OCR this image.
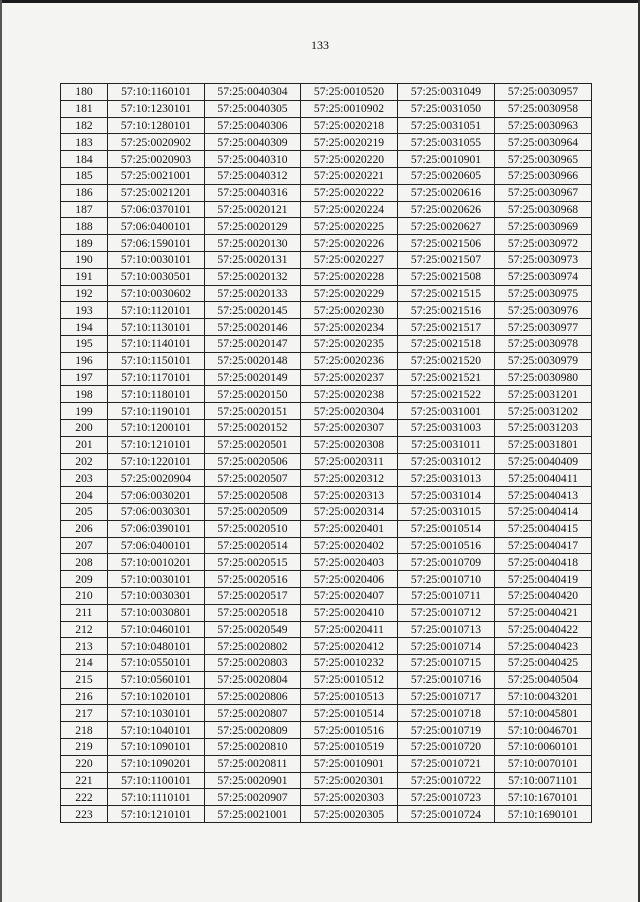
133
180	57:10:1160101	57:25:0040304	57:25:0010520	57:25:0031049	57:25:0030957
181	57:10:1230101	57:25:0040305	57:25:0010902	57:25:0031050	57:25:0030958
182	57:10:1280101	57:25:0040306	57:25:0020218	57:25:0031051	57:25:0030963
183	57:25:0020902	57:25:0040309	57:25:0020219	57:25:0031055	57:25:0030964
184	57:25:0020903	57:25:0040310	57:25:0020220	57:25:0010901	57:25:0030965
185	57:25:0021001	57:25:0040312	57:25:0020221	57:25:0020605	57:25:0030966
186	57:25:0021201	57:25:0040316	57:25:0020222	57:25:0020616	57:25:0030967
187	57:06:0370101	57:25:0020121	57:25:0020224	57:25:0020626	57:25:0030968
188	57:06:0400101	57:25:0020129	57:25:0020225	57:25:0020627	57:25:0030969
189	57:06:1590101	57:25:0020130	57:25:0020226	57:25:0021506	57:25:0030972
190	57:10:0030101	57:25:0020131	57:25:0020227	57:25:0021507	57:25:0030973
191	57:10:0030501	57:25:0020132	57:25:0020228	57:25:0021508	57:25:0030974
192	57:10:0030602	57:25:0020133	57:25:0020229	57:25:0021515	57:25:0030975
193	57:10:1120101	57:25:0020145	57:25:0020230	57:25:0021516	57:25:0030976
194	57:10:1130101	57:25:0020146	57:25:0020234	57:25:0021517	57:25:0030977
195	57:10:1140101	57:25:0020147	57:25:0020235	57:25:0021518	57:25:0030978
196	57:10:1150101	57:25:0020148	57:25:0020236	57:25:0021520	57:25:0030979
197	57:10:1170101	57:25:0020149	57:25:0020237	57:25:0021521	57:25:0030980
198	57:10:1180101	57:25:0020150	57:25:0020238	57:25:0021522	57:25:0031201
199	57:10:1190101	57:25:0020151	57:25:0020304	57:25:0031001	57:25:0031202
200	57:10:1200101	57:25:0020152	57:25:0020307	57:25:0031003	57:25:0031203
201	57:10:1210101	57:25:0020501	57:25:0020308	57:25:0031011	57:25:0031801
202	57:10:1220101	57:25:0020506	57:25:0020311	57:25:0031012	57:25:0040409
203	57:25:0020904	57:25:0020507	57:25:0020312	57:25:0031013	57:25:0040411
204	57:06:0030201	57:25:0020508	57:25:0020313	57:25:0031014	57:25:0040413
205	57:06:0030301	57:25:0020509	57:25:0020314	57:25:0031015	57:25:0040414
206	57:06:0390101	57:25:0020510	57:25:0020401	57:25:0010514	57:25:0040415
207	57:06:0400101	57:25:0020514	57:25:0020402	57:25:0010516	57:25:0040417
208	57:10:0010201	57:25:0020515	57:25:0020403	57:25:0010709	57:25:0040418
209	57:10:0030101	57:25:0020516	57:25:0020406	57:25:0010710	57:25:0040419
210	57:10:0030301	57:25:0020517	57:25:0020407	57:25:0010711	57:25:0040420
211	57:10:0030801	57:25:0020518	57:25:0020410	57:25:0010712	57:25:0040421
212	57:10:0460101	57:25:0020549	57:25:0020411	57:25:0010713	57:25:0040422
213	57:10:0480101	57:25:0020802	57:25:0020412	57:25:0010714	57:25:0040423
214	57:10:0550101	57:25:0020803	57:25:0010232	57:25:0010715	57:25:0040425
215	57:10:0560101	57:25:0020804	57:25:0010512	57:25:0010716	57:25:0040504
216	57:10:1020101	57:25:0020806	57:25:0010513	57:25:0010717	57:10:0043201
217	57:10:1030101	57:25:0020807	57:25:0010514	57:25:0010718	57:10:0045801
218	57:10:1040101	57:25:0020809	57:25:0010516	57:25:0010719	57:10:0046701
219	57:10:1090101	57:25:0020810	57:25:0010519	57:25:0010720	57:10:0060101
220	57:10:1090201	57:25:0020811	57:25:0010901	57:25:0010721	57:10:0070101
221	57:10:1100101	57:25:0020901	57:25:0020301	57:25:0010722	57:10:0071101
222	57:10:1110101	57:25:0020907	57:25:0020303	57:25:0010723	57:10:1670101
223	57:10:1210101	57:25:0021001	57:25:0020305	57:25:0010724	57:10:1690101
